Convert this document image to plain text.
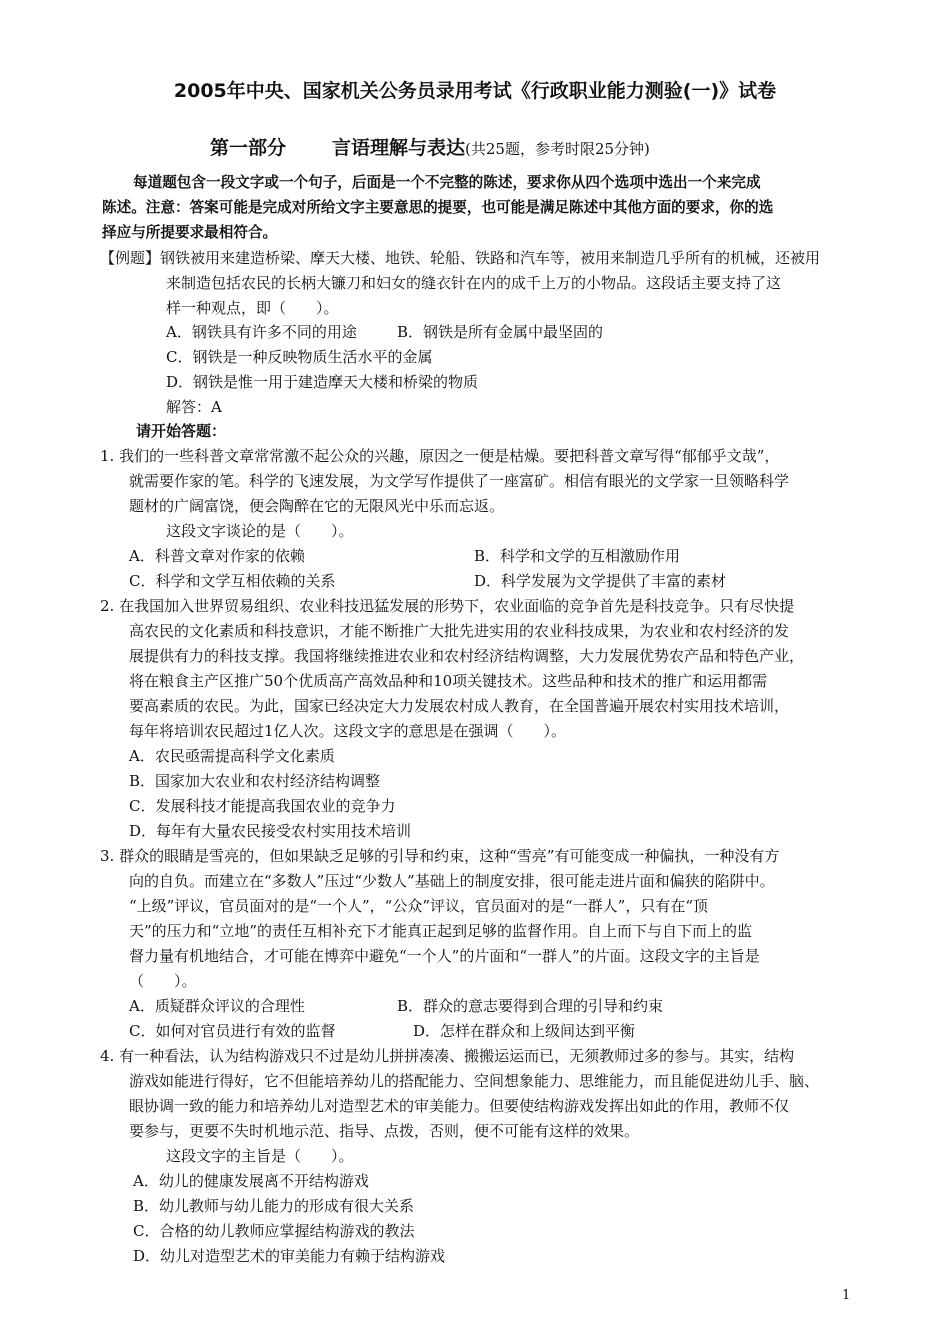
2005年中央、国家机关公务员录用考试《行政职业能力测验(一)》试卷
第一部分 言语理解与表达(共25题，参考时限25分钟)
每道题包含一段文字或一个句子，后面是一个不完整的陈述，要求你从四个选项中选出一个来完成
陈述。注意：答案可能是完成对所给文字主要意思的提要，也可能是满足陈述中其他方面的要求，你的选
择应与所提要求最相符合。
【例题】钢铁被用来建造桥梁、摩天大楼、地铁、轮船、铁路和汽车等，被用来制造几乎所有的机械，还被用
来制造包括农民的长柄大镰刀和妇女的缝衣针在内的成千上万的小物品。这段话主要支持了这
样一种观点，即（　　）。
A．钢铁具有许多不同的用途	B．钢铁是所有金属中最坚固的
C．钢铁是一种反映物质生活水平的金属
D．钢铁是惟一用于建造摩天大楼和桥梁的物质
解答：A
请开始答题：
1. 我们的一些科普文章常常激不起公众的兴趣，原因之一便是枯燥。要把科普文章写得“郁郁乎文哉”，
就需要作家的笔。科学的飞速发展，为文学写作提供了一座富矿。相信有眼光的文学家一旦领略科学
题材的广阔富饶，便会陶醉在它的无限风光中乐而忘返。
这段文字谈论的是（　　）。
A．科普文章对作家的依赖	B．科学和文学的互相激励作用
C．科学和文学互相依赖的关系	D．科学发展为文学提供了丰富的素材
2. 在我国加入世界贸易组织、农业科技迅猛发展的形势下，农业面临的竞争首先是科技竞争。只有尽快提
高农民的文化素质和科技意识，才能不断推广大批先进实用的农业科技成果，为农业和农村经济的发
展提供有力的科技支撑。我国将继续推进农业和农村经济结构调整，大力发展优势农产品和特色产业，
将在粮食主产区推广50个优质高产高效品种和10项关键技术。这些品种和技术的推广和运用都需
要高素质的农民。为此，国家已经决定大力发展农村成人教育，在全国普遍开展农村实用技术培训，
每年将培训农民超过1亿人次。这段文字的意思是在强调（　　）。
A．农民亟需提高科学文化素质
B．国家加大农业和农村经济结构调整
C．发展科技才能提高我国农业的竞争力
D．每年有大量农民接受农村实用技术培训
3. 群众的眼睛是雪亮的，但如果缺乏足够的引导和约束，这种“雪亮”有可能变成一种偏执，一种没有方
向的自负。而建立在“多数人”压过“少数人”基础上的制度安排，很可能走进片面和偏狭的陷阱中。
“上级”评议，官员面对的是“一个人”，“公众”评议，官员面对的是“一群人”，只有在“顶
天”的压力和“立地”的责任互相补充下才能真正起到足够的监督作用。自上而下与自下而上的监
督力量有机地结合，才可能在博弈中避免“一个人”的片面和“一群人”的片面。这段文字的主旨是
（　　）。
A．质疑群众评议的合理性	B．群众的意志要得到合理的引导和约束
C．如何对官员进行有效的监督	D．怎样在群众和上级间达到平衡
4. 有一种看法，认为结构游戏只不过是幼儿拼拼凑凑、搬搬运运而已，无须教师过多的参与。其实，结构
游戏如能进行得好，它不但能培养幼儿的搭配能力、空间想象能力、思维能力，而且能促进幼儿手、脑、
眼协调一致的能力和培养幼儿对造型艺术的审美能力。但要使结构游戏发挥出如此的作用，教师不仅
要参与，更要不失时机地示范、指导、点拨，否则，便不可能有这样的效果。
这段文字的主旨是（　　）。
A．幼儿的健康发展离不开结构游戏
B．幼儿教师与幼儿能力的形成有很大关系
C．合格的幼儿教师应掌握结构游戏的教法
D．幼儿对造型艺术的审美能力有赖于结构游戏
1
